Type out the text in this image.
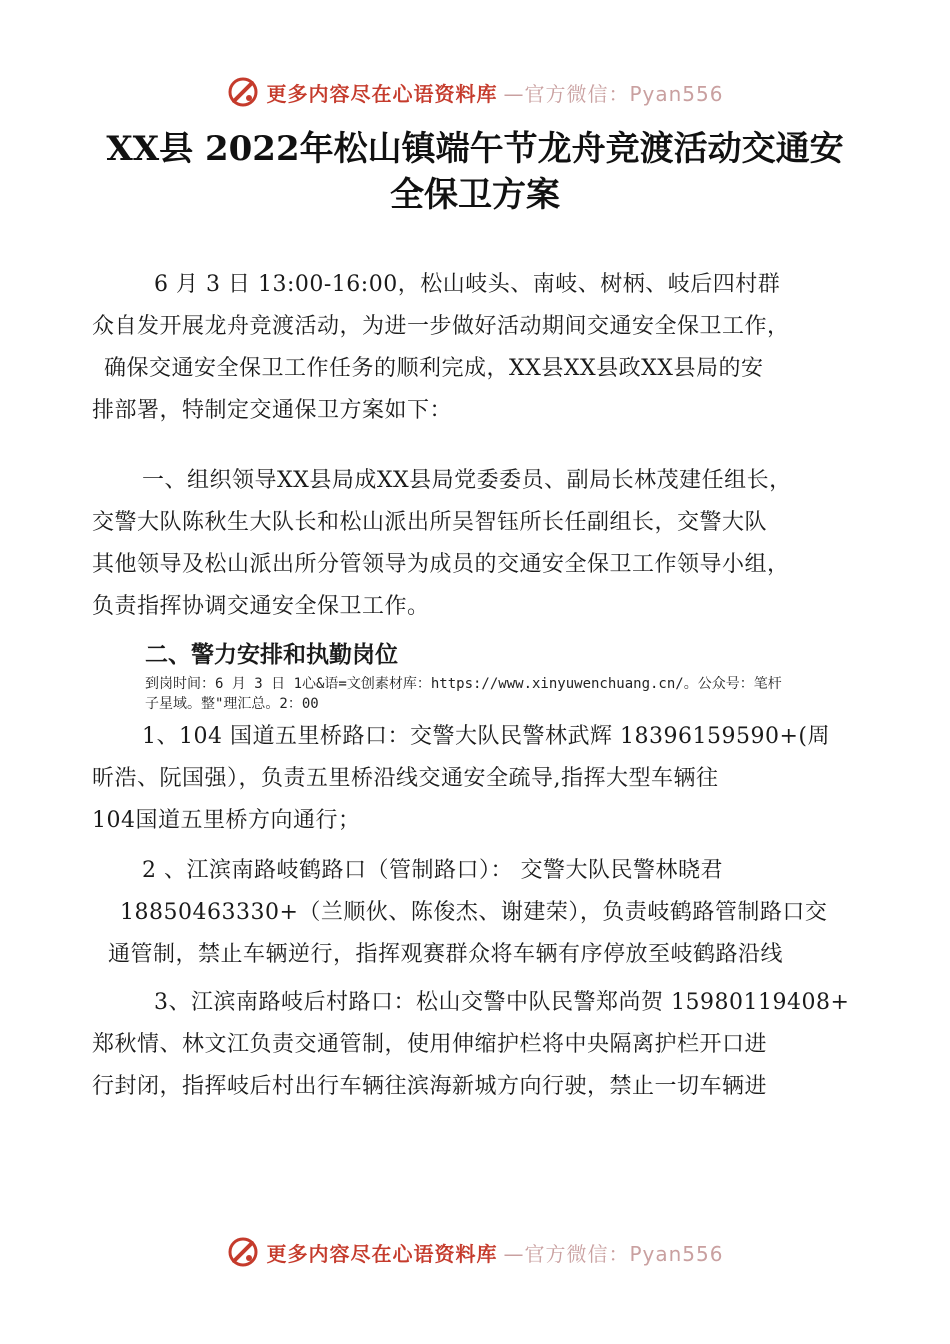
更多内容尽在心语资料库 —官方微信：Pyan556
XX县 2022年松山镇端午节龙舟竞渡活动交通安
全保卫方案
6 月 3 日 13:00-16:00，松山岐头、南岐、树柄、岐后四村群
众自发开展龙舟竞渡活动，为进一步做好活动期间交通安全保卫工作，
确保交通安全保卫工作任务的顺利完成，XX县XX县政XX县局的安
排部署，特制定交通保卫方案如下：
一、组织领导XX县局成XX县局党委委员、副局长林茂建任组长，
交警大队陈秋生大队长和松山派出所吴智钰所长任副组长，交警大队
其他领导及松山派出所分管领导为成员的交通安全保卫工作领导小组，
负责指挥协调交通安全保卫工作。
二、警力安排和执勤岗位
到岗时间：6 月 3 日 1心&语=文创素材库：https://www.xinyuwenchuang.cn/。公众号：笔杆
子星域。整"理汇总。2：00
1、104 国道五里桥路口：交警大队民警林武辉 18396159590+(周
昕浩、阮国强），负责五里桥沿线交通安全疏导,指挥大型车辆往
104国道五里桥方向通行；
2 、江滨南路岐鹤路口（管制路口）： 交警大队民警林晓君
18850463330+（兰顺伙、陈俊杰、谢建荣），负责岐鹤路管制路口交
通管制，禁止车辆逆行，指挥观赛群众将车辆有序停放至岐鹤路沿线
3、江滨南路岐后村路口：松山交警中队民警郑尚贺 15980119408+
郑秋情、林文江负责交通管制，使用伸缩护栏将中央隔离护栏开口进
行封闭，指挥岐后村出行车辆往滨海新城方向行驶，禁止一切车辆进
更多内容尽在心语资料库 —官方微信：Pyan556
